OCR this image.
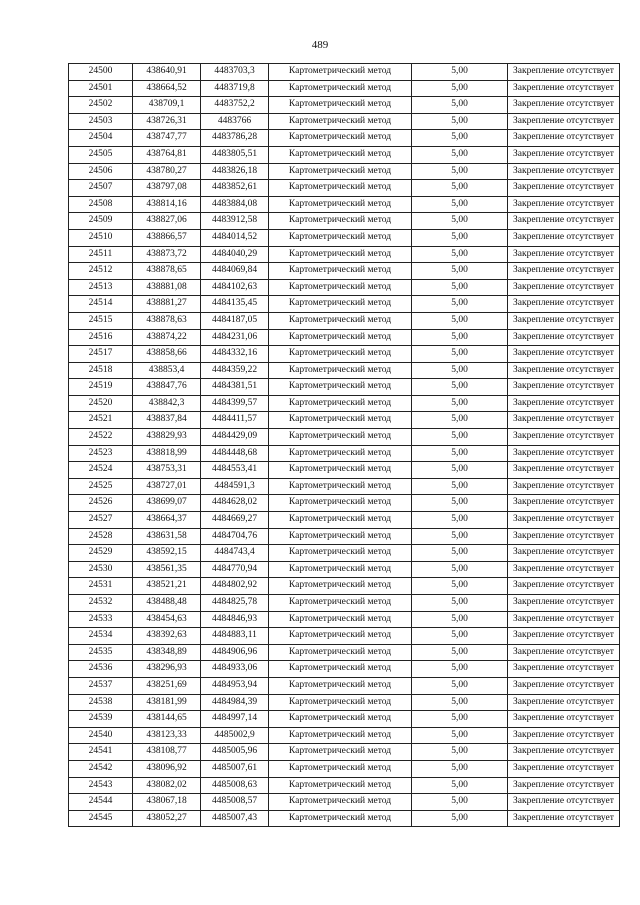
489
24500	438640,91	4483703,3	Картометрический метод	5,00	Закрепление отсутствует
24501	438664,52	4483719,8	Картометрический метод	5,00	Закрепление отсутствует
24502	438709,1	4483752,2	Картометрический метод	5,00	Закрепление отсутствует
24503	438726,31	4483766	Картометрический метод	5,00	Закрепление отсутствует
24504	438747,77	4483786,28	Картометрический метод	5,00	Закрепление отсутствует
24505	438764,81	4483805,51	Картометрический метод	5,00	Закрепление отсутствует
24506	438780,27	4483826,18	Картометрический метод	5,00	Закрепление отсутствует
24507	438797,08	4483852,61	Картометрический метод	5,00	Закрепление отсутствует
24508	438814,16	4483884,08	Картометрический метод	5,00	Закрепление отсутствует
24509	438827,06	4483912,58	Картометрический метод	5,00	Закрепление отсутствует
24510	438866,57	4484014,52	Картометрический метод	5,00	Закрепление отсутствует
24511	438873,72	4484040,29	Картометрический метод	5,00	Закрепление отсутствует
24512	438878,65	4484069,84	Картометрический метод	5,00	Закрепление отсутствует
24513	438881,08	4484102,63	Картометрический метод	5,00	Закрепление отсутствует
24514	438881,27	4484135,45	Картометрический метод	5,00	Закрепление отсутствует
24515	438878,63	4484187,05	Картометрический метод	5,00	Закрепление отсутствует
24516	438874,22	4484231,06	Картометрический метод	5,00	Закрепление отсутствует
24517	438858,66	4484332,16	Картометрический метод	5,00	Закрепление отсутствует
24518	438853,4	4484359,22	Картометрический метод	5,00	Закрепление отсутствует
24519	438847,76	4484381,51	Картометрический метод	5,00	Закрепление отсутствует
24520	438842,3	4484399,57	Картометрический метод	5,00	Закрепление отсутствует
24521	438837,84	4484411,57	Картометрический метод	5,00	Закрепление отсутствует
24522	438829,93	4484429,09	Картометрический метод	5,00	Закрепление отсутствует
24523	438818,99	4484448,68	Картометрический метод	5,00	Закрепление отсутствует
24524	438753,31	4484553,41	Картометрический метод	5,00	Закрепление отсутствует
24525	438727,01	4484591,3	Картометрический метод	5,00	Закрепление отсутствует
24526	438699,07	4484628,02	Картометрический метод	5,00	Закрепление отсутствует
24527	438664,37	4484669,27	Картометрический метод	5,00	Закрепление отсутствует
24528	438631,58	4484704,76	Картометрический метод	5,00	Закрепление отсутствует
24529	438592,15	4484743,4	Картометрический метод	5,00	Закрепление отсутствует
24530	438561,35	4484770,94	Картометрический метод	5,00	Закрепление отсутствует
24531	438521,21	4484802,92	Картометрический метод	5,00	Закрепление отсутствует
24532	438488,48	4484825,78	Картометрический метод	5,00	Закрепление отсутствует
24533	438454,63	4484846,93	Картометрический метод	5,00	Закрепление отсутствует
24534	438392,63	4484883,11	Картометрический метод	5,00	Закрепление отсутствует
24535	438348,89	4484906,96	Картометрический метод	5,00	Закрепление отсутствует
24536	438296,93	4484933,06	Картометрический метод	5,00	Закрепление отсутствует
24537	438251,69	4484953,94	Картометрический метод	5,00	Закрепление отсутствует
24538	438181,99	4484984,39	Картометрический метод	5,00	Закрепление отсутствует
24539	438144,65	4484997,14	Картометрический метод	5,00	Закрепление отсутствует
24540	438123,33	4485002,9	Картометрический метод	5,00	Закрепление отсутствует
24541	438108,77	4485005,96	Картометрический метод	5,00	Закрепление отсутствует
24542	438096,92	4485007,61	Картометрический метод	5,00	Закрепление отсутствует
24543	438082,02	4485008,63	Картометрический метод	5,00	Закрепление отсутствует
24544	438067,18	4485008,57	Картометрический метод	5,00	Закрепление отсутствует
24545	438052,27	4485007,43	Картометрический метод	5,00	Закрепление отсутствует
